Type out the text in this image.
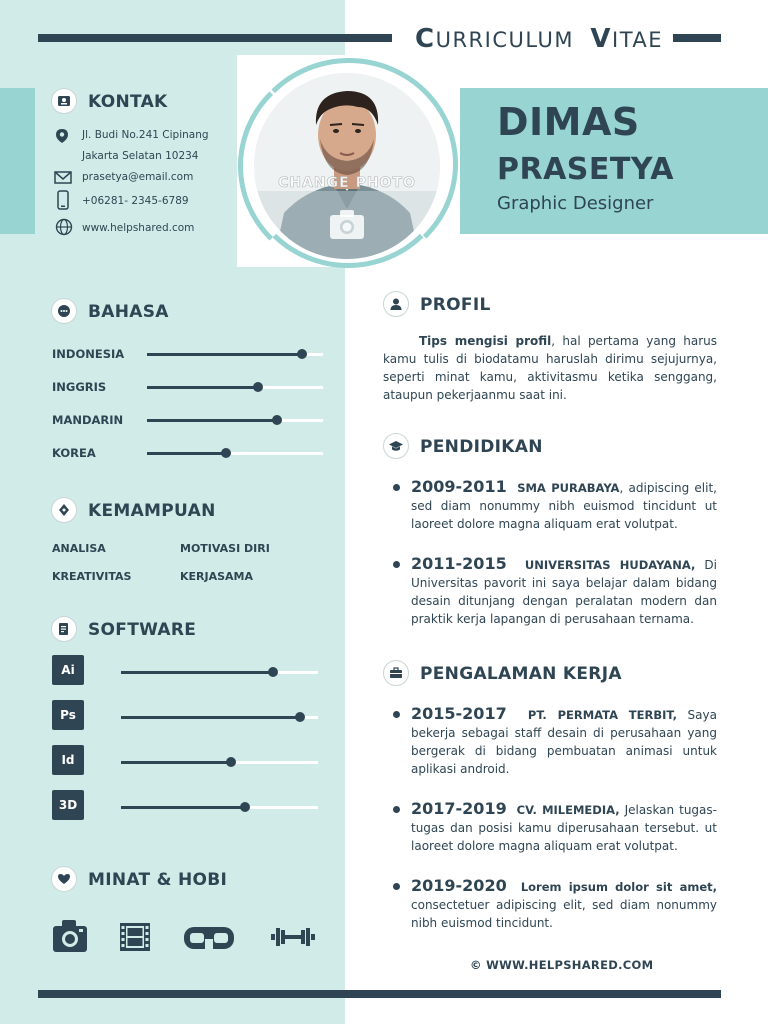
CURRICULUM VITAE
CHANGE PHOTO
DIMAS
PRASETYA
Graphic Designer
KONTAK
Jl. Budi No.241 Cipinang
Jakarta Selatan 10234
prasetya@email.com
+06281- 2345-6789
www.helpshared.com
BAHASA
INDONESIA
INGGRIS
MANDARIN
KOREA
KEMAMPUAN
ANALISA	MOTIVASI DIRI
KREATIVITAS	KERJASAMA
SOFTWARE
Ai
Ps
Id
3D
MINAT & HOBI
PROFIL
Tips mengisi profil, hal pertama yang harus kamu tulis di biodatamu haruslah dirimu sejujurnya, seperti minat kamu, aktivitasmu ketika senggang, ataupun pekerjaanmu saat ini.
PENDIDIKAN
2009-2011 SMA PURABAYA, adipiscing elit, sed diam nonummy nibh euismod tincidunt ut laoreet dolore magna aliquam erat volutpat.
2011-2015 UNIVERSITAS HUDAYANA, Di Universitas pavorit ini saya belajar dalam bidang desain ditunjang dengan peralatan modern dan praktik kerja lapangan di perusahaan ternama.
PENGALAMAN KERJA
2015-2017 PT. PERMATA TERBIT, Saya bekerja sebagai staff desain di perusahaan yang bergerak di bidang pembuatan animasi untuk aplikasi android.
2017-2019 CV. MILEMEDIA, Jelaskan tugas-tugas dan posisi kamu diperusahaan tersebut. ut laoreet dolore magna aliquam erat volutpat.
2019-2020 Lorem ipsum dolor sit amet, consectetuer adipiscing elit, sed diam nonummy nibh euismod tincidunt.
© WWW.HELPSHARED.COM
